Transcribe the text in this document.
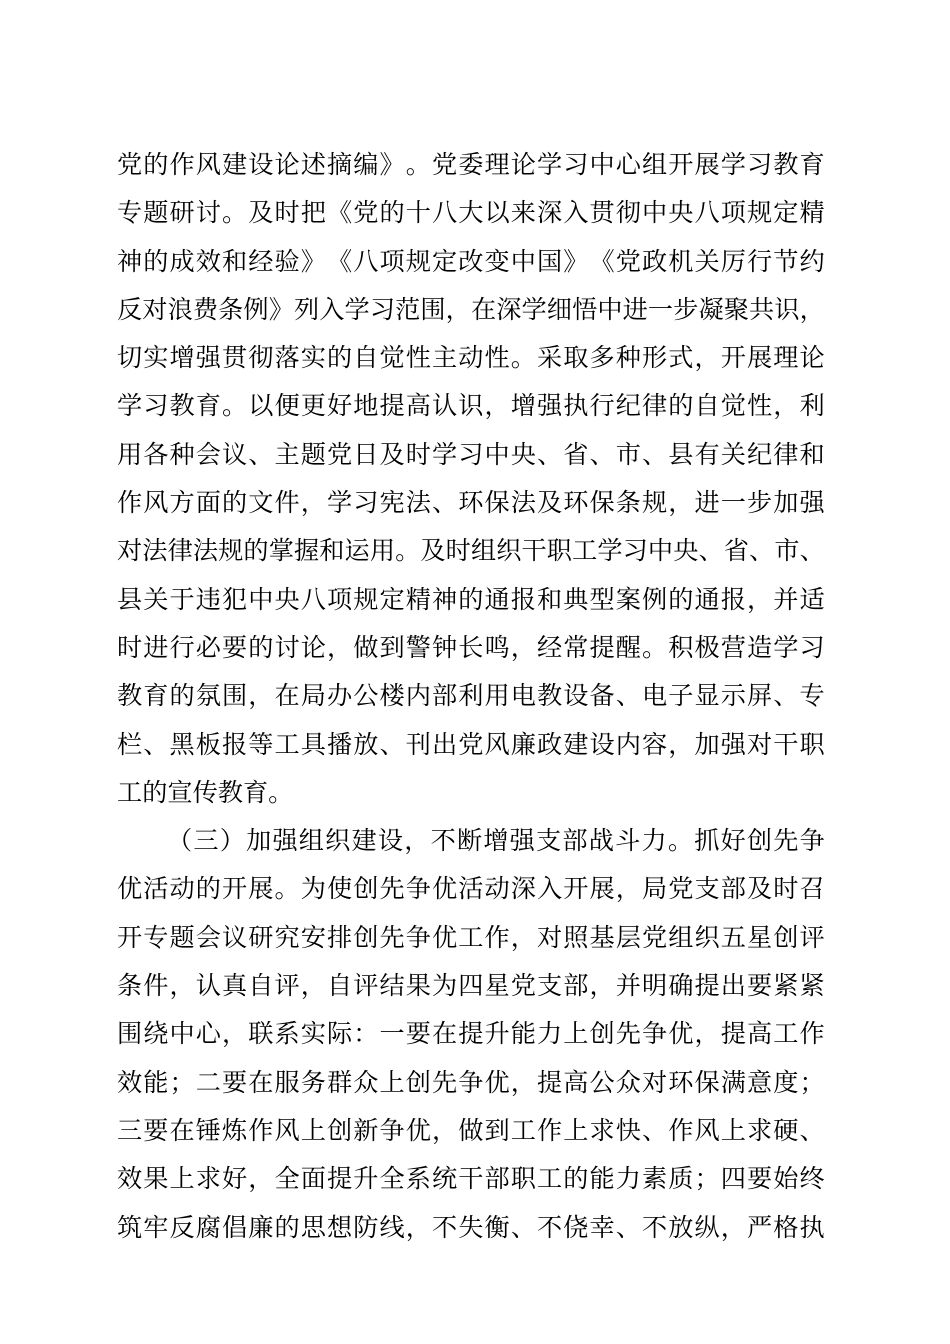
党 的 作 风 建 设 论 述 摘 编 》 。 党 委 理 论 学 习 中 心 组 开 展 学 习 教 育
专 题 研 讨 。 及 时 把 《 党 的 十 八 大 以 来 深 入 贯 彻 中 央 八 项 规 定 精
神 的 成 效 和 经 验 》 《 八 项 规 定 改 变 中 国 》 《 党 政 机 关 厉 行 节 约
反 对 浪 费 条 例 》 列 入 学 习 范 围 ， 在 深 学 细 悟 中 进 一 步 凝 聚 共 识 ，
切 实 增 强 贯 彻 落 实 的 自 觉 性 主 动 性 。 采 取 多 种 形 式 ， 开 展 理 论
学 习 教 育 。 以 便 更 好 地 提 高 认 识 ， 增 强 执 行 纪 律 的 自 觉 性 ， 利
用 各 种 会 议 、 主 题 党 日 及 时 学 习 中 央 、 省 、 市 、 县 有 关 纪 律 和
作 风 方 面 的 文 件 ， 学 习 宪 法 、 环 保 法 及 环 保 条 规 ， 进 一 步 加 强
对 法 律 法 规 的 掌 握 和 运 用 。 及 时 组 织 干 职 工 学 习 中 央 、 省 、 市 、
县 关 于 违 犯 中 央 八 项 规 定 精 神 的 通 报 和 典 型 案 例 的 通 报 ， 并 适
时 进 行 必 要 的 讨 论 ， 做 到 警 钟 长 鸣 ， 经 常 提 醒 。 积 极 营 造 学 习
教 育 的 氛 围 ， 在 局 办 公 楼 内 部 利 用 电 教 设 备 、 电 子 显 示 屏 、 专
栏 、 黑 板 报 等 工 具 播 放 、 刊 出 党 风 廉 政 建 设 内 容 ， 加 强 对 干 职
工 的 宣 传 教 育 。
（ 三 ） 加 强 组 织 建 设 ， 不 断 增 强 支 部 战 斗 力 。 抓 好 创 先 争
优 活 动 的 开 展 。 为 使 创 先 争 优 活 动 深 入 开 展 ， 局 党 支 部 及 时 召
开 专 题 会 议 研 究 安 排 创 先 争 优 工 作 ， 对 照 基 层 党 组 织 五 星 创 评
条 件 ， 认 真 自 评 ， 自 评 结 果 为 四 星 党 支 部 ， 并 明 确 提 出 要 紧 紧
围 绕 中 心 ， 联 系 实 际 ： 一 要 在 提 升 能 力 上 创 先 争 优 ， 提 高 工 作
效 能 ； 二 要 在 服 务 群 众 上 创 先 争 优 ， 提 高 公 众 对 环 保 满 意 度 ；
三 要 在 锤 炼 作 风 上 创 新 争 优 ， 做 到 工 作 上 求 快 、 作 风 上 求 硬 、
效 果 上 求 好 ， 全 面 提 升 全 系 统 干 部 职 工 的 能 力 素 质 ； 四 要 始 终
筑 牢 反 腐 倡 廉 的 思 想 防 线 ， 不 失 衡 、 不 侥 幸 、 不 放 纵 ， 严 格 执
